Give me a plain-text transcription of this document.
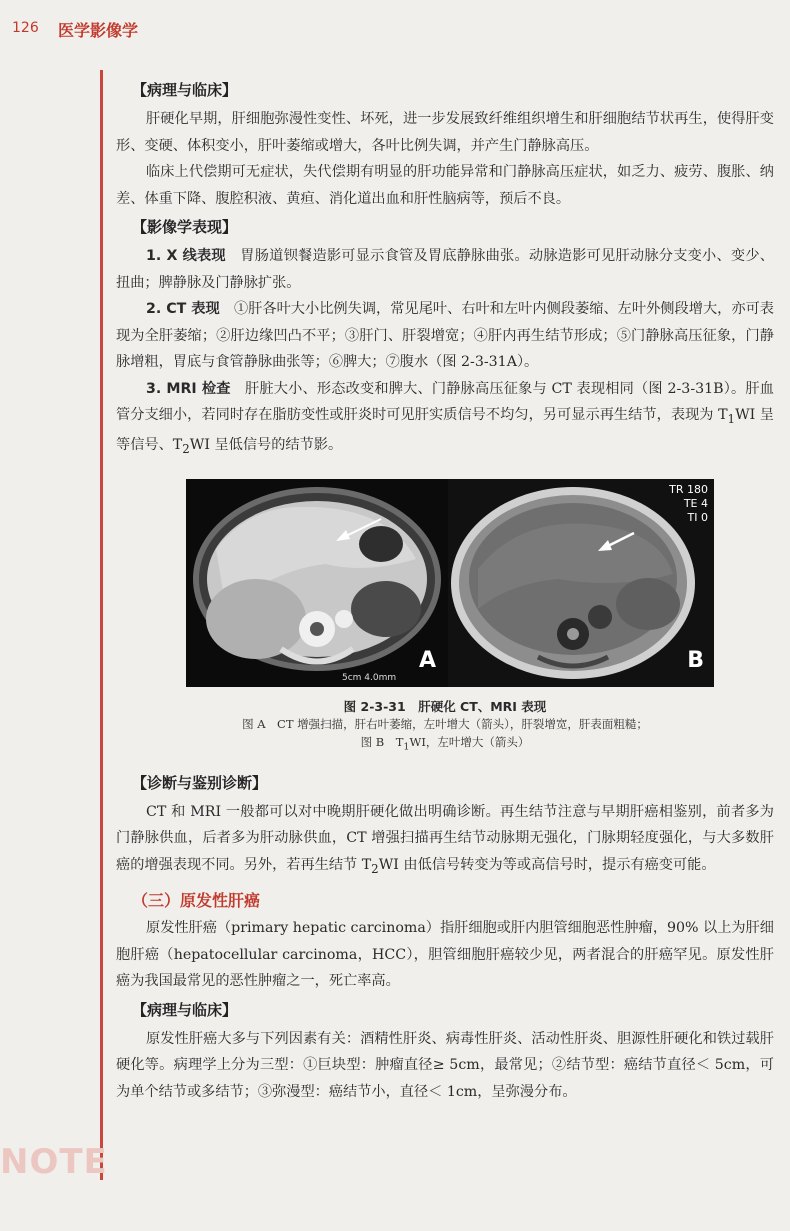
126 医学影像学
NOTE
【病理与临床】

肝硬化早期，肝细胞弥漫性变性、坏死，进一步发展致纤维组织增生和肝细胞结节状再生，使得肝变形、变硬、体积变小，肝叶萎缩或增大，各叶比例失调，并产生门静脉高压。

临床上代偿期可无症状，失代偿期有明显的肝功能异常和门静脉高压症状，如乏力、疲劳、腹胀、纳差、体重下降、腹腔积液、黄疸、消化道出血和肝性脑病等，预后不良。

【影像学表现】

1. X 线表现　 胃肠道钡餐造影可显示食管及胃底静脉曲张。动脉造影可见肝动脉分支变小、变少、扭曲；脾静脉及门静脉扩张。

2. CT 表现　 ①肝各叶大小比例失调，常见尾叶、右叶和左叶内侧段萎缩、左叶外侧段增大，亦可表现为全肝萎缩；②肝边缘凹凸不平；③肝门、肝裂增宽；④肝内再生结节形成；⑤门静脉高压征象，门静脉增粗，胃底与食管静脉曲张等；⑥脾大；⑦腹水（图 2-3-31A）。

3. MRI 检查　 肝脏大小、形态改变和脾大、门静脉高压征象与 CT 表现相同（图 2-3-31B）。肝血管分支细小，若同时存在脂肪变性或肝炎时可见肝实质信号不均匀，另可显示再生结节，表现为 $T_1WI$ 呈等信号、$T_2WI$ 呈低信号的结节影。

5cm 4.0mm
A
TR 180
TE 4
TI 0
B
图 2-3-31　肝硬化 CT、MRI 表现
图 A　CT 增强扫描，肝右叶萎缩，左叶增大（箭头），肝裂增宽，肝表面粗糙；
图 B　$T_1WI$，左叶增大（箭头）
【诊断与鉴别诊断】

CT 和 MRI 一般都可以对中晚期肝硬化做出明确诊断。再生结节注意与早期肝癌相鉴别，前者多为门静脉供血，后者多为肝动脉供血，CT 增强扫描再生结节动脉期无强化，门脉期轻度强化，与大多数肝癌的增强表现不同。另外，若再生结节 $T_2WI$ 由低信号转变为等或高信号时，提示有癌变可能。

（三）原发性肝癌

原发性肝癌（primary hepatic carcinoma）指肝细胞或肝内胆管细胞恶性肿瘤，90% 以上为肝细胞肝癌（hepatocellular carcinoma，HCC），胆管细胞肝癌较少见，两者混合的肝癌罕见。原发性肝癌为我国最常见的恶性肿瘤之一，死亡率高。

【病理与临床】

原发性肝癌大多与下列因素有关：酒精性肝炎、病毒性肝炎、活动性肝炎、胆源性肝硬化和铁过载肝硬化等。病理学上分为三型：①巨块型：肿瘤直径≥ 5cm，最常见；②结节型：癌结节直径＜ 5cm，可为单个结节或多结节；③弥漫型：癌结节小，直径＜ 1cm，呈弥漫分布。
